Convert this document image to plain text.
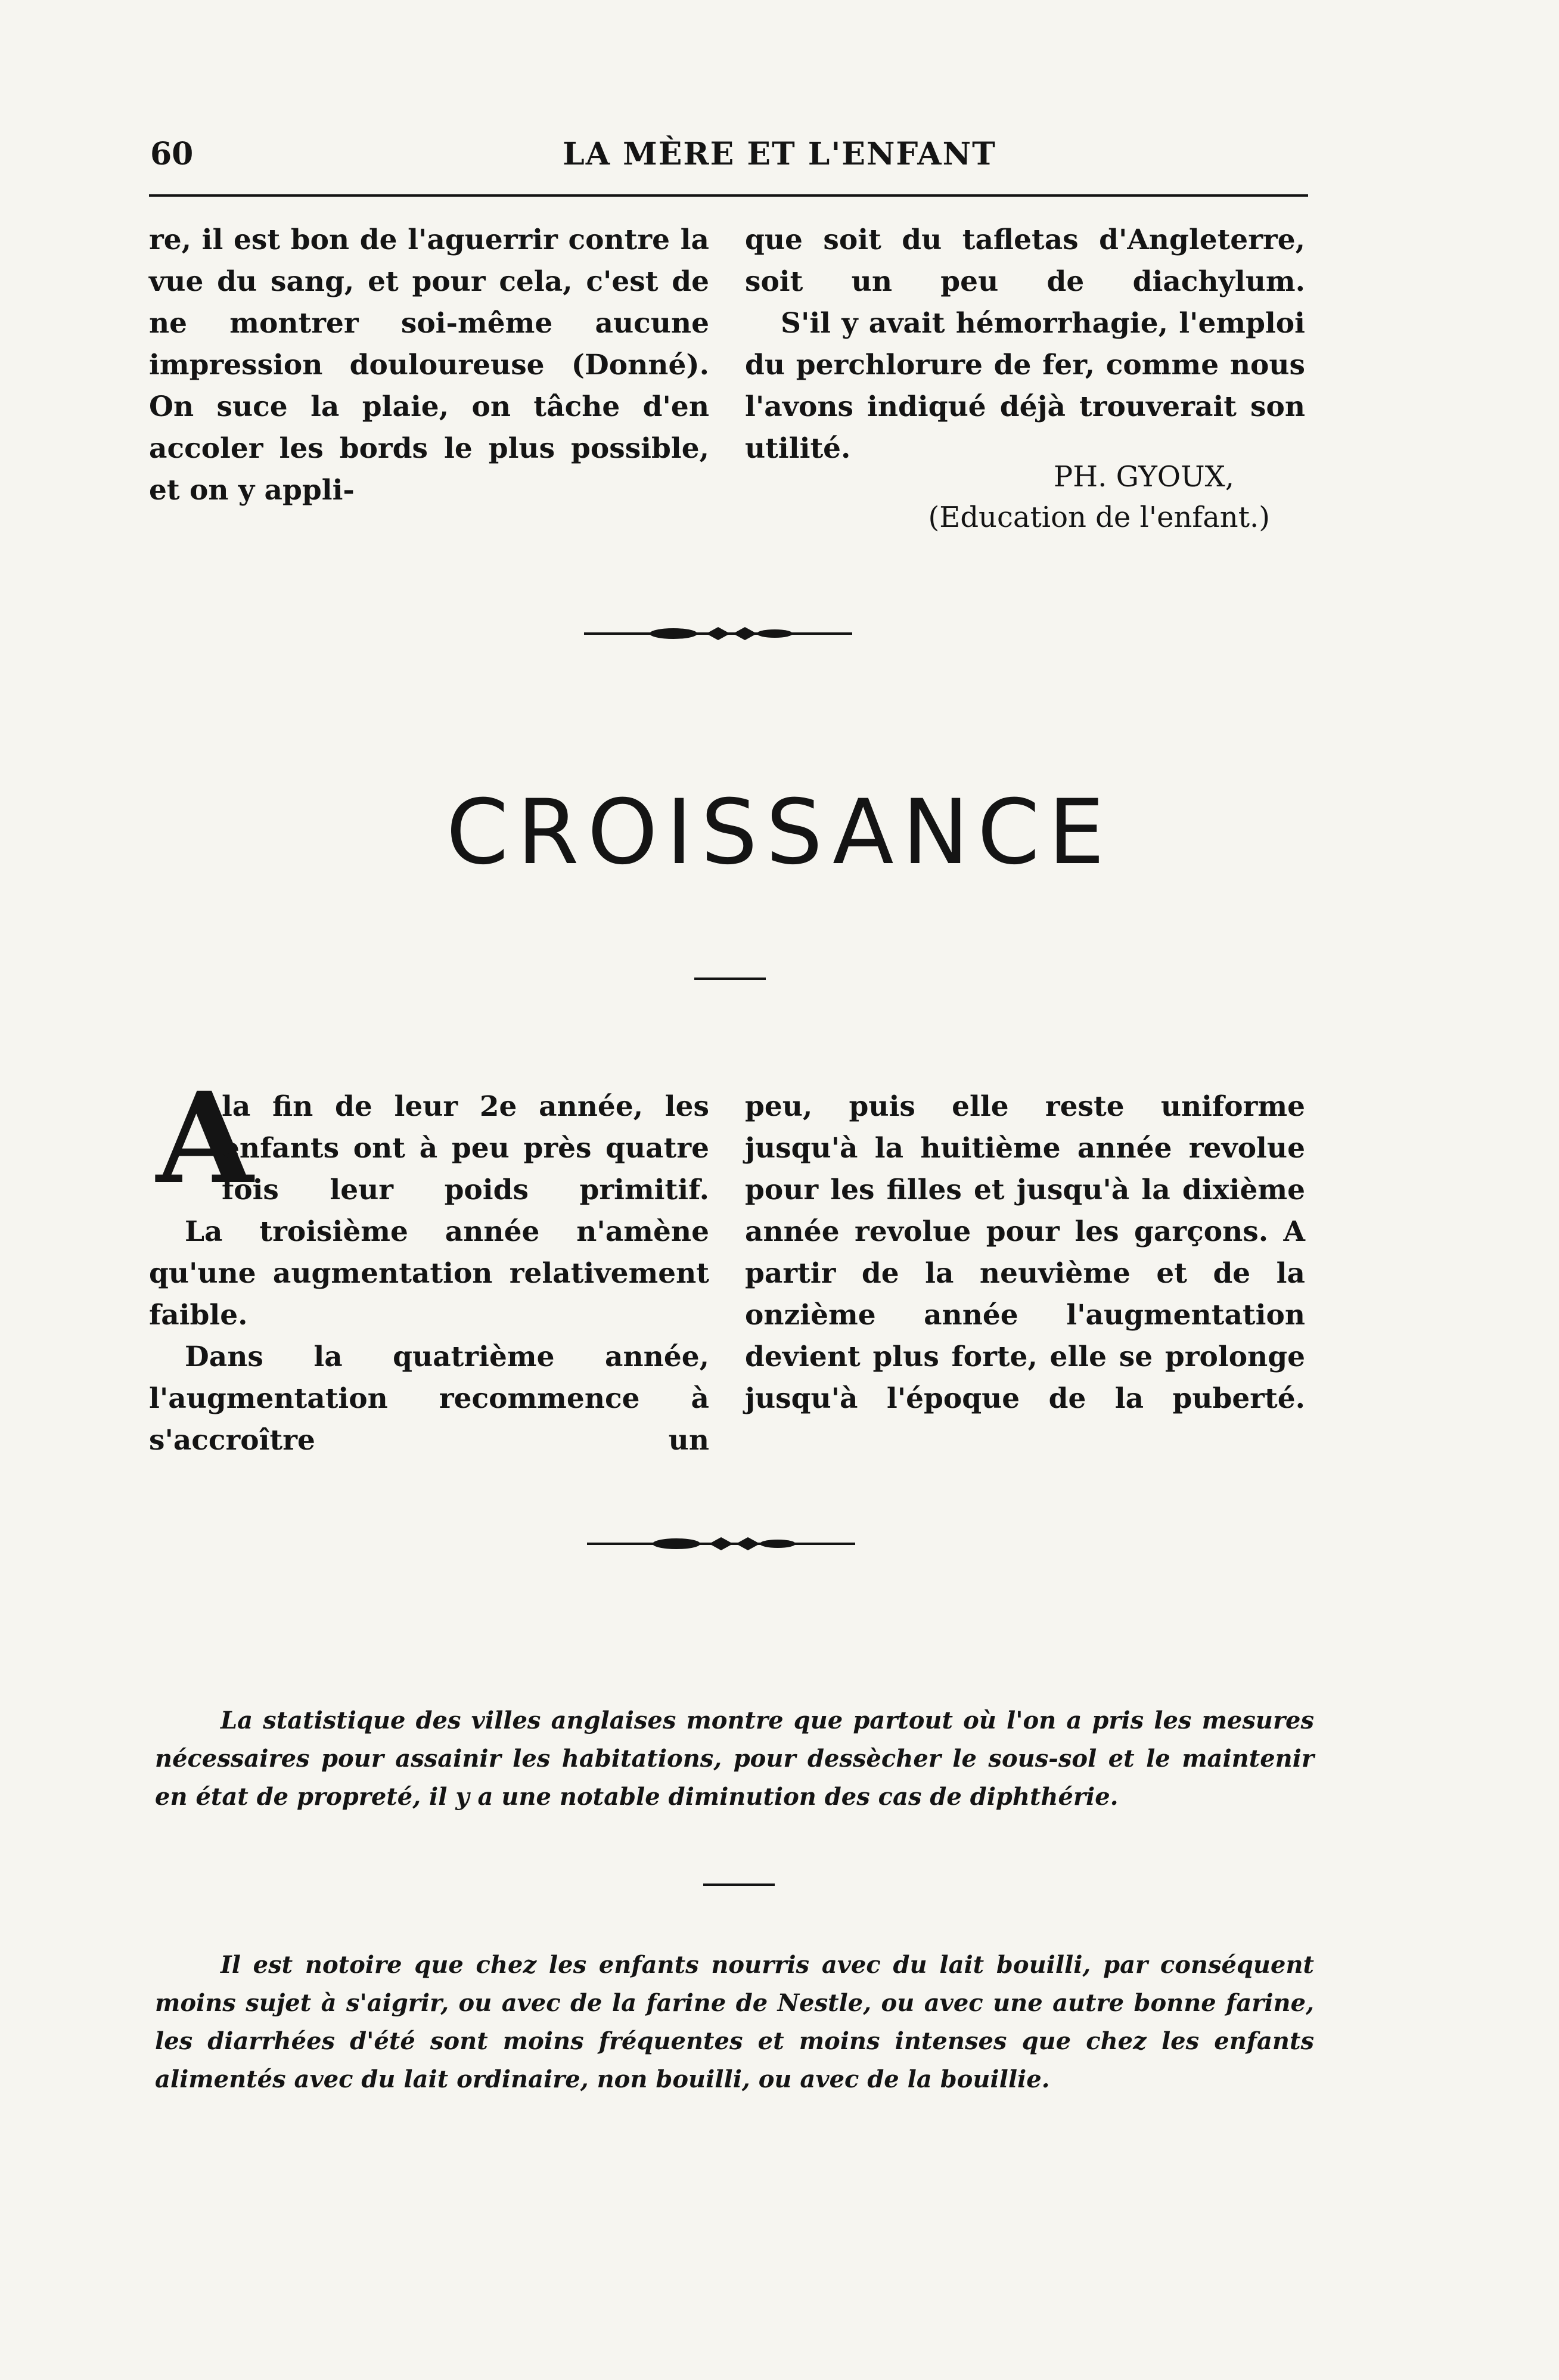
60	LA MÈRE ET L'ENFANT

re, il est bon de l'aguerrir contre la vue du sang, et pour cela, c'est de ne montrer soi-même aucune impression douloureuse (Donné). On suce la plaie, on tâche d'en accoler les bords le plus possible, et on y appli-

que soit du tafletas d'Angleterre, soit un peu de diachylum.

S'il y avait hémorrhagie, l'emploi du perchlorure de fer, comme nous l'avons indiqué déjà trouverait son utilité.

PH. GYOUX,
(Education de l'enfant.)
CROISSANCE
A

la fin de leur 2e année, les enfants ont à peu près quatre fois leur poids primitif.

La troisième année n'amène qu'une augmentation relativement faible.

Dans la quatrième année, l'augmentation recommence à s'accroître un

peu, puis elle reste uniforme jusqu'à la huitième année revolue pour les filles et jusqu'à la dixième année revolue pour les garçons. A partir de la neuvième et de la onzième année l'augmentation devient plus forte, elle se prolonge jusqu'à l'époque de la puberté.

La statistique des villes anglaises montre que partout où l'on a pris les mesures nécessaires pour assainir les habitations, pour dessècher le sous-sol et le maintenir en état de propreté, il y a une notable diminution des cas de diphthérie.

Il est notoire que chez les enfants nourris avec du lait bouilli, par conséquent moins sujet à s'aigrir, ou avec de la farine de Nestle, ou avec une autre bonne farine, les diarrhées d'été sont moins fréquentes et moins intenses que chez les enfants alimentés avec du lait ordinaire, non bouilli, ou avec de la bouillie.
